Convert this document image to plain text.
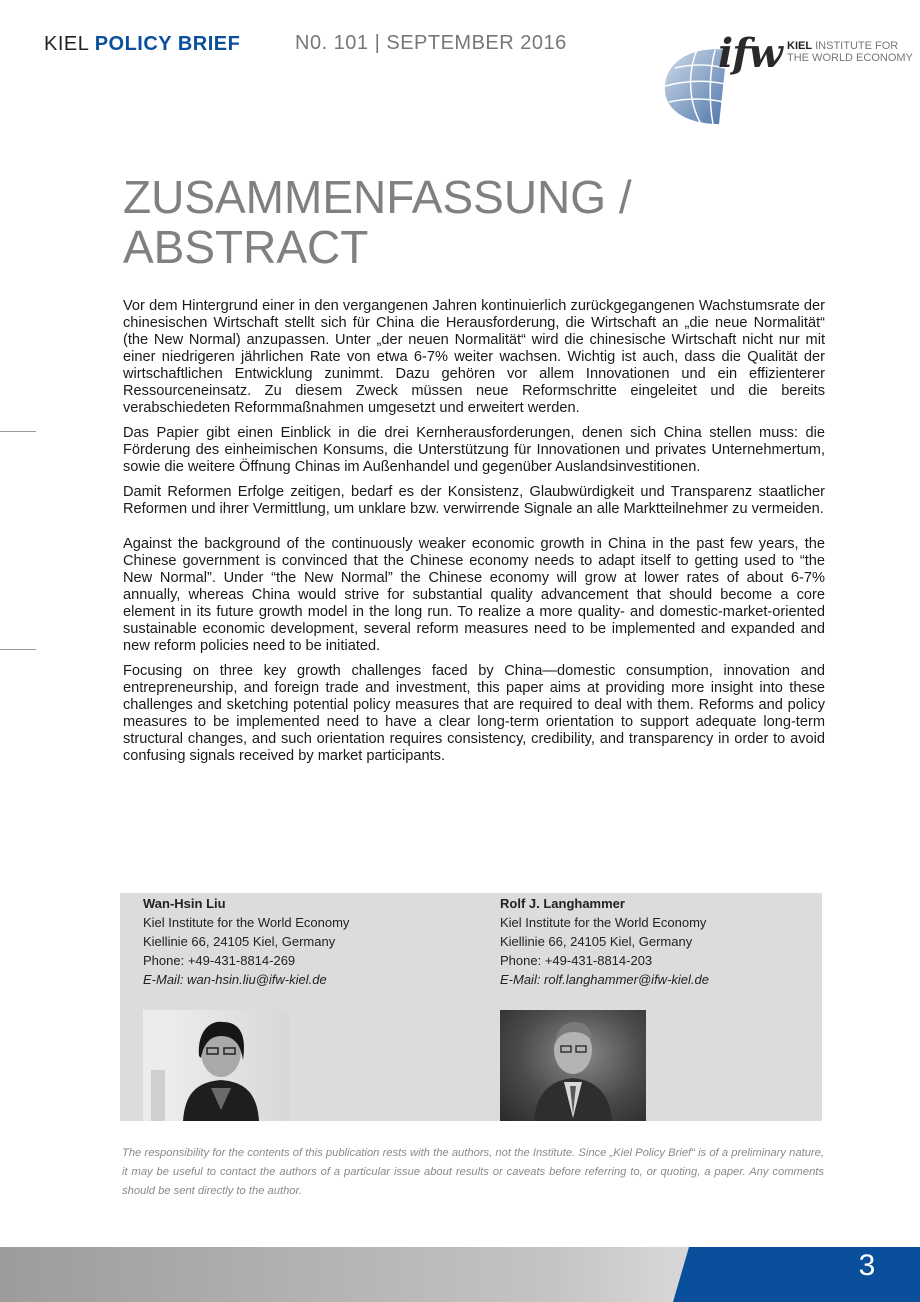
KIEL POLICY BRIEF	N0. 101 | SEPTEMBER 2016	ifw KIEL INSTITUTE FOR
THE WORLD ECONOMY
ZUSAMMENFASSUNG /
ABSTRACT

Vor dem Hintergrund einer in den vergangenen Jahren kontinuierlich zurückgegangenen Wachstumsrate der chinesischen Wirtschaft stellt sich für China die Herausforderung, die Wirtschaft an „die neue Normalität“ (the New Normal) anzupassen. Unter „der neuen Normalität“ wird die chinesische Wirtschaft nicht nur mit einer niedrigeren jährlichen Rate von etwa 6-7% weiter wachsen. Wichtig ist auch, dass die Qualität der wirtschaftlichen Entwicklung zunimmt. Dazu gehören vor allem Innovationen und ein effizienterer Ressourceneinsatz. Zu diesem Zweck müssen neue Reformschritte eingeleitet und die bereits verabschiedeten Reformmaßnahmen umgesetzt und erweitert werden.

Das Papier gibt einen Einblick in die drei Kernherausforderungen, denen sich China stellen muss: die Förderung des einheimischen Konsums, die Unterstützung für Innovationen und privates Unternehmertum, sowie die weitere Öffnung Chinas im Außenhandel und gegenüber Auslandsinvestitionen.

Damit Reformen Erfolge zeitigen, bedarf es der Konsistenz, Glaubwürdigkeit und Transparenz staatlicher Reformen und ihrer Vermittlung, um unklare bzw. verwirrende Signale an alle Marktteilnehmer zu vermeiden.

Against the background of the continuously weaker economic growth in China in the past few years, the Chinese government is convinced that the Chinese economy needs to adapt itself to getting used to “the New Normal”. Under “the New Normal” the Chinese economy will grow at lower rates of about 6-7% annually, whereas China would strive for substantial quality advancement that should become a core element in its future growth model in the long run. To realize a more quality- and domestic-market-oriented sustainable economic development, several reform measures need to be implemented and expanded and new reform policies need to be initiated.

Focusing on three key growth challenges faced by China—domestic consumption, innovation and entrepreneurship, and foreign trade and investment, this paper aims at providing more insight into these challenges and sketching potential policy measures that are required to deal with them. Reforms and policy measures to be implemented need to have a clear long-term orientation to support adequate long-term structural changes, and such orientation requires consistency, credibility, and transparency in order to avoid confusing signals received by market participants.

Wan-Hsin Liu
Kiel Institute for the World Economy
Kiellinie 66, 24105 Kiel, Germany
Phone: +49-431-8814-269
E-Mail: wan-hsin.liu@ifw-kiel.de
Rolf J. Langhammer
Kiel Institute for the World Economy
Kiellinie 66, 24105 Kiel, Germany
Phone: +49-431-8814-203
E-Mail: rolf.langhammer@ifw-kiel.de
The responsibility for the contents of this publication rests with the authors, not the Institute. Since „Kiel Policy Brief“ is of a preliminary nature, it may be useful to contact the authors of a particular issue about results or caveats before referring to, or quoting, a paper. Any comments should be sent directly to the author.
3
